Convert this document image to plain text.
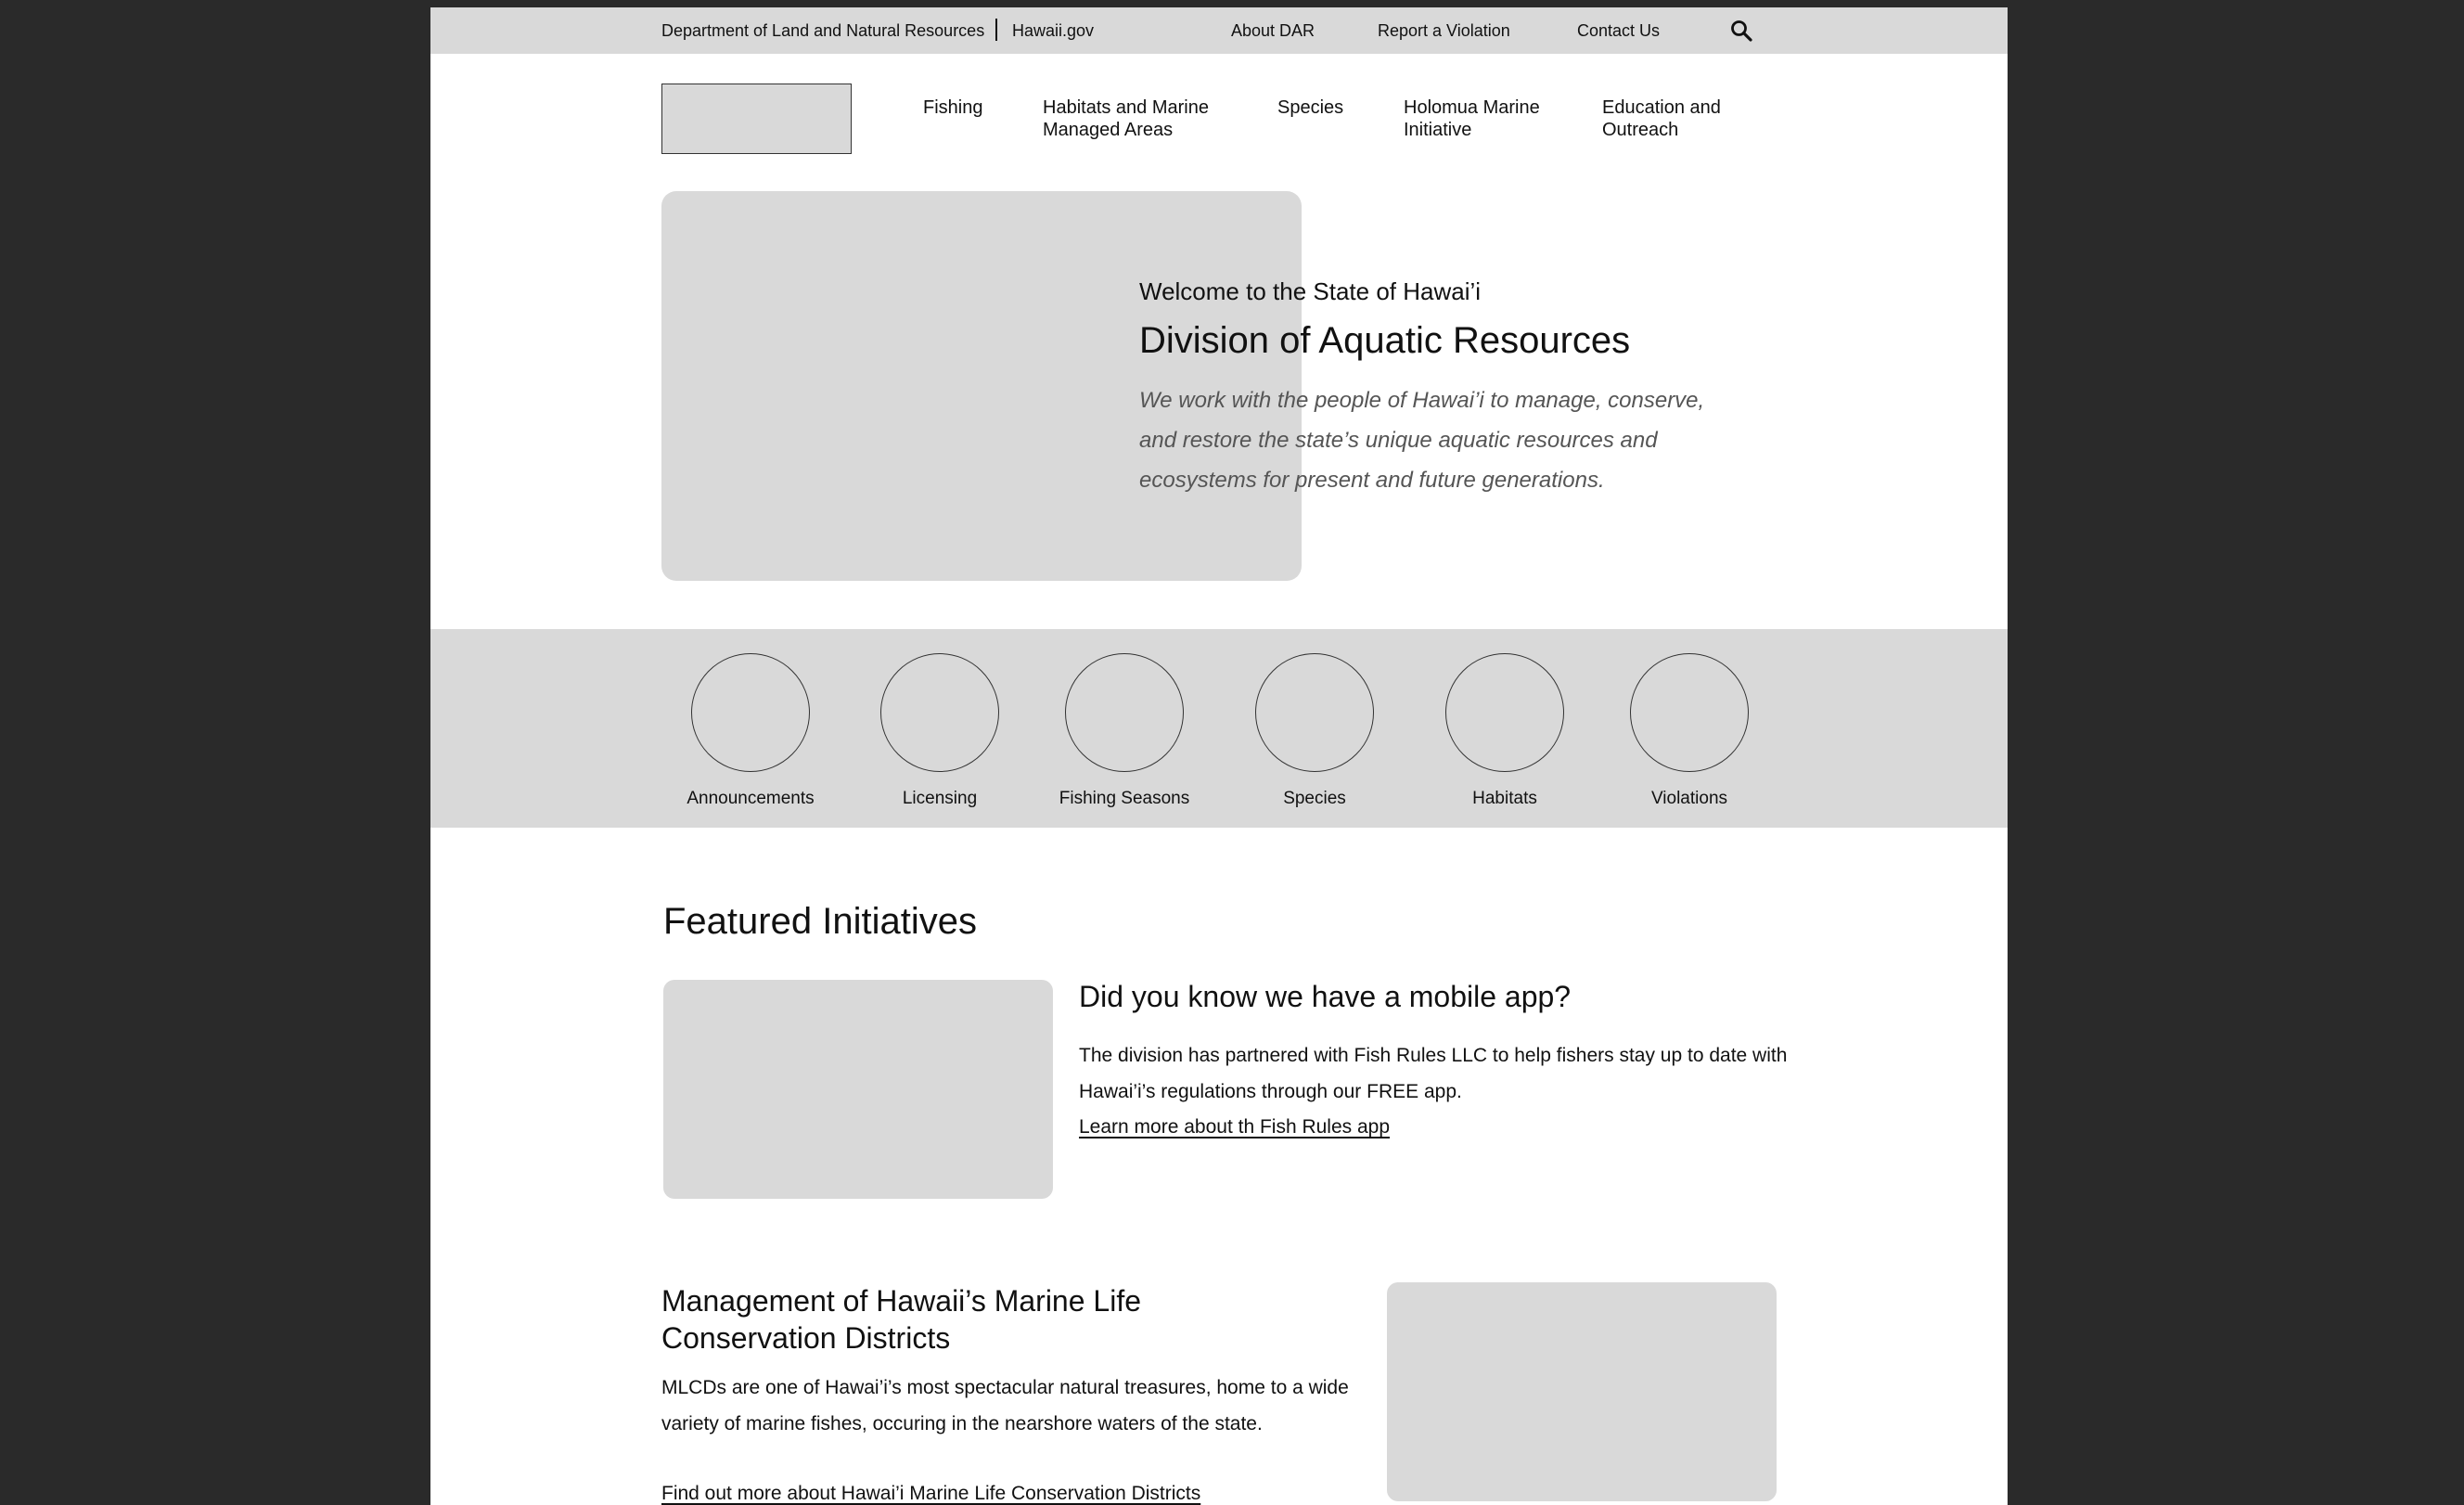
Department of Land and Natural Resources Hawaii.gov	About DAR	Report a Violation	Contact Us
Fishing	Habitats and Marine
Managed Areas
Species	Holomua Marine
Initiative
Education and
Outreach
Welcome to the State of Hawai’i
Division of Aquatic Resources

We work with the people of Hawai’i to manage, conserve, and restore the state’s unique aquatic resources and ecosystems for present and future generations.

Announcements	Licensing	Fishing Seasons	Species	Habitats	Violations
Featured Initiatives
Did you know we have a mobile app?

The division has partnered with Fish Rules LLC to help fishers stay up to date with Hawai’i’s regulations through our FREE app.

Learn more about th Fish Rules app
Management of Hawaii’s Marine Life Conservation Districts

MLCDs are one of Hawai’i’s most spectacular natural treasures, home to a wide variety of marine fishes, occuring in the nearshore waters of the state.

Find out more about Hawai’i Marine Life Conservation Districts
